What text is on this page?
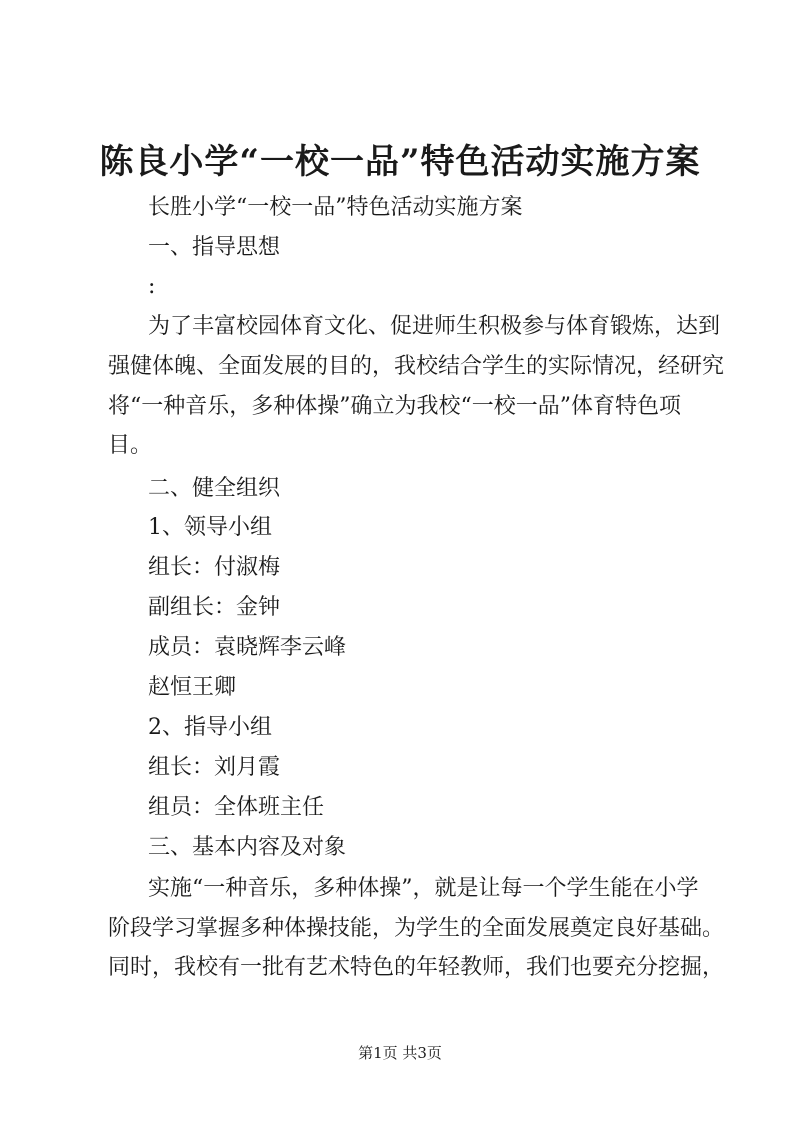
陈良小学“一校一品”特色活动实施方案

长胜小学“一校一品”特色活动实施方案

一、指导思想

:

为了丰富校园体育文化、促进师生积极参与体育锻炼，达到

强健体魄、全面发展的目的，我校结合学生的实际情况，经研究

将“一种音乐，多种体操”确立为我校“一校一品”体育特色项

目。

二、健全组织

1、领导小组

组长：付淑梅

副组长：金钟

成员：袁晓辉李云峰

赵恒王卿

2、指导小组

组长：刘月霞

组员：全体班主任

三、基本内容及对象

实施“一种音乐，多种体操”，就是让每一个学生能在小学

阶段学习掌握多种体操技能，为学生的全面发展奠定良好基础。

同时，我校有一批有艺术特色的年轻教师，我们也要充分挖掘，

第1页 共3页
